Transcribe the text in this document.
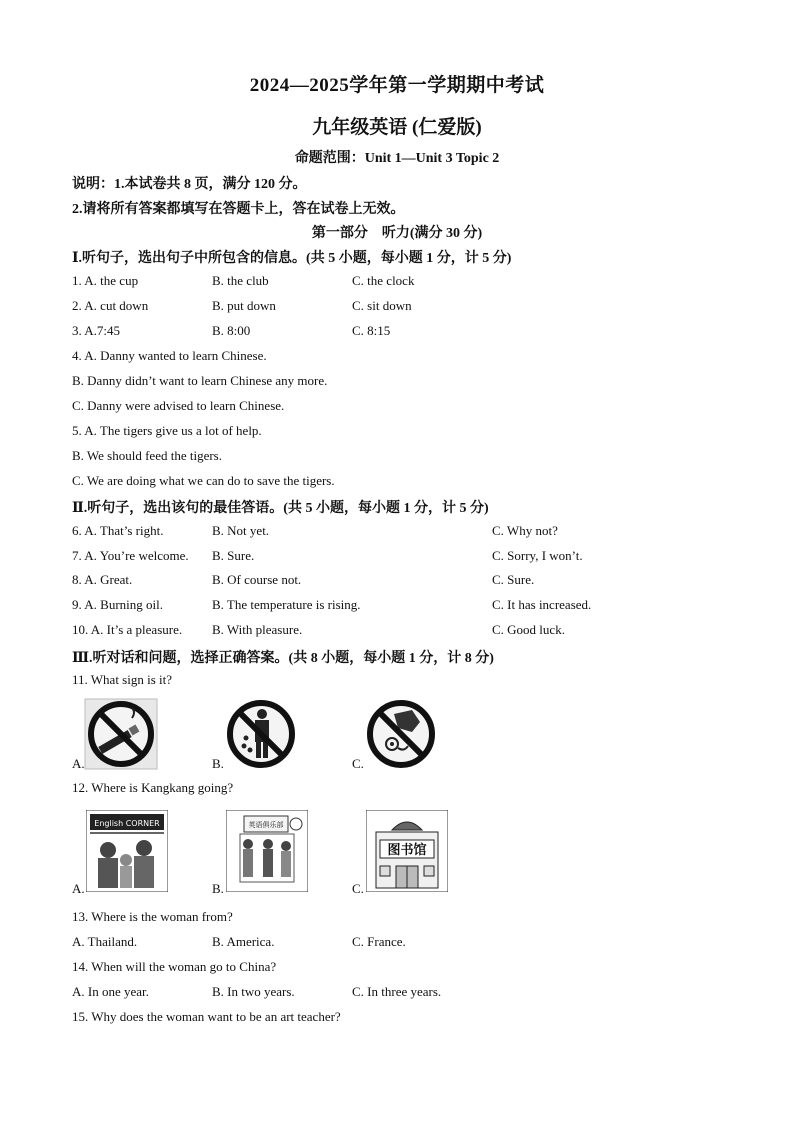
2024—2025学年第一学期期中考试
九年级英语 (仁爱版)
命题范围：Unit 1—Unit 3 Topic 2
说明：1.本试卷共 8 页，满分 120 分。
2.请将所有答案都填写在答题卡上，答在试卷上无效。
第一部分　听力(满分 30 分)
Ⅰ.听句子，选出句子中所包含的信息。(共 5 小题，每小题 1 分，计 5 分)
1. A. the cup	B. the club	C. the clock
2. A. cut down	B. put down	C. sit down
3. A.7:45	B. 8:00	C. 8:15
4. A. Danny wanted to learn Chinese.
B. Danny didn’t want to learn Chinese any more.
C. Danny were advised to learn Chinese.
5. A. The tigers give us a lot of help.
B. We should feed the tigers.
C. We are doing what we can do to save the tigers.
Ⅱ.听句子，选出该句的最佳答语。(共 5 小题，每小题 1 分，计 5 分)
6. A. That’s right.	B. Not yet.	C. Why not?
7. A. You’re welcome. B. Sure.	C. Sorry, I won’t.
8. A. Great.	B. Of course not.	C. Sure.
9. A. Burning oil.	B. The temperature is rising.	C. It has increased.
10. A. It’s a pleasure. B. With pleasure.	C. Good luck.
Ⅲ.听对话和问题，选择正确答案。(共 8 小题，每小题 1 分，计 8 分)
11. What sign is it?
A.	B.	C.
12. Where is Kangkang going?
A.
English CORNER
B.
英语俱乐部
C.
图书馆
13. Where is the woman from?
A. Thailand.	B. America.	C. France.
14. When will the woman go to China?
A. In one year.	B. In two years.	C. In three years.
15. Why does the woman want to be an art teacher?
